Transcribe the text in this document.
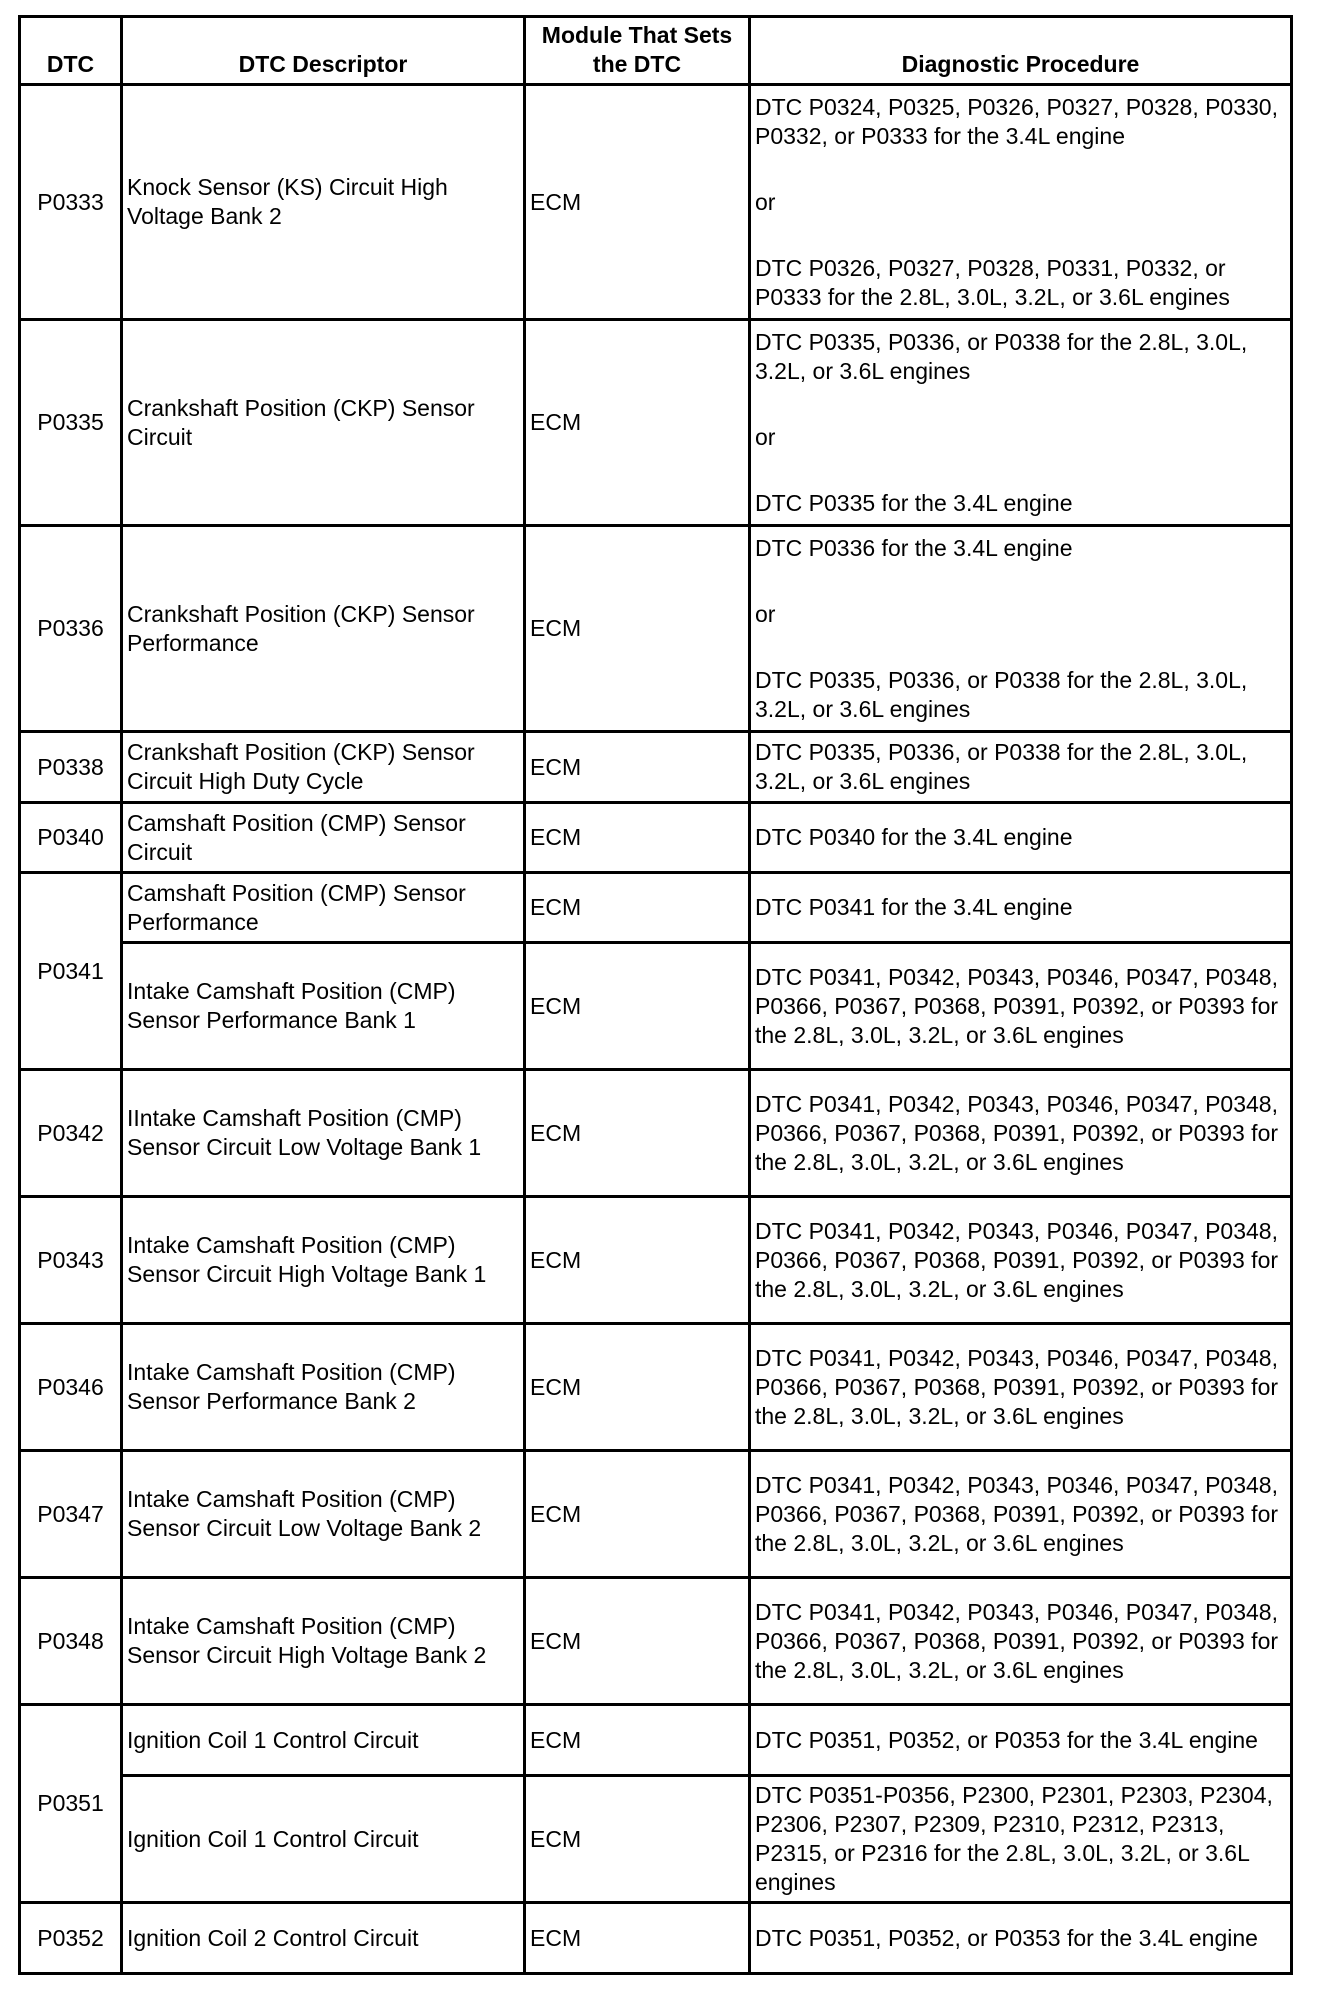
DTC	DTC Descriptor	Module That Sets the DTC	Diagnostic Procedure
P0333	Knock Sensor (KS) Circuit High Voltage Bank 2	ECM	DTC P0324, P0325, P0326, P0327, P0328, P0330, P0332, or P0333 for the 3.4L engine
or
DTC P0326, P0327, P0328, P0331, P0332, or P0333 for the 2.8L, 3.0L, 3.2L, or 3.6L engines

P0335	Crankshaft Position (CKP) Sensor Circuit	ECM	DTC P0335, P0336, or P0338 for the 2.8L, 3.0L, 3.2L, or 3.6L engines
or
DTC P0335 for the 3.4L engine

P0336	Crankshaft Position (CKP) Sensor Performance	ECM	DTC P0336 for the 3.4L engine
or
DTC P0335, P0336, or P0338 for the 2.8L, 3.0L, 3.2L, or 3.6L engines

P0338	Crankshaft Position (CKP) Sensor Circuit High Duty Cycle	ECM	DTC P0335, P0336, or P0338 for the 2.8L, 3.0L, 3.2L, or 3.6L engines
P0340	Camshaft Position (CMP) Sensor Circuit	ECM	DTC P0340 for the 3.4L engine
P0341	Camshaft Position (CMP) Sensor Performance	ECM	DTC P0341 for the 3.4L engine
	Intake Camshaft Position (CMP) Sensor Performance Bank 1	ECM	DTC P0341, P0342, P0343, P0346, P0347, P0348, P0366, P0367, P0368, P0391, P0392, or P0393 for the 2.8L, 3.0L, 3.2L, or 3.6L engines
P0342	IIntake Camshaft Position (CMP) Sensor Circuit Low Voltage Bank 1	ECM	DTC P0341, P0342, P0343, P0346, P0347, P0348, P0366, P0367, P0368, P0391, P0392, or P0393 for the 2.8L, 3.0L, 3.2L, or 3.6L engines
P0343	Intake Camshaft Position (CMP) Sensor Circuit High Voltage Bank 1	ECM	DTC P0341, P0342, P0343, P0346, P0347, P0348, P0366, P0367, P0368, P0391, P0392, or P0393 for the 2.8L, 3.0L, 3.2L, or 3.6L engines
P0346	Intake Camshaft Position (CMP) Sensor Performance Bank 2	ECM	DTC P0341, P0342, P0343, P0346, P0347, P0348, P0366, P0367, P0368, P0391, P0392, or P0393 for the 2.8L, 3.0L, 3.2L, or 3.6L engines
P0347	Intake Camshaft Position (CMP) Sensor Circuit Low Voltage Bank 2	ECM	DTC P0341, P0342, P0343, P0346, P0347, P0348, P0366, P0367, P0368, P0391, P0392, or P0393 for the 2.8L, 3.0L, 3.2L, or 3.6L engines
P0348	Intake Camshaft Position (CMP) Sensor Circuit High Voltage Bank 2	ECM	DTC P0341, P0342, P0343, P0346, P0347, P0348, P0366, P0367, P0368, P0391, P0392, or P0393 for the 2.8L, 3.0L, 3.2L, or 3.6L engines
P0351	Ignition Coil 1 Control Circuit	ECM	DTC P0351, P0352, or P0353 for the 3.4L engine
	Ignition Coil 1 Control Circuit	ECM	DTC P0351-P0356, P2300, P2301, P2303, P2304, P2306, P2307, P2309, P2310, P2312, P2313, P2315, or P2316 for the 2.8L, 3.0L, 3.2L, or 3.6L engines
P0352	Ignition Coil 2 Control Circuit	ECM	DTC P0351, P0352, or P0353 for the 3.4L engine
